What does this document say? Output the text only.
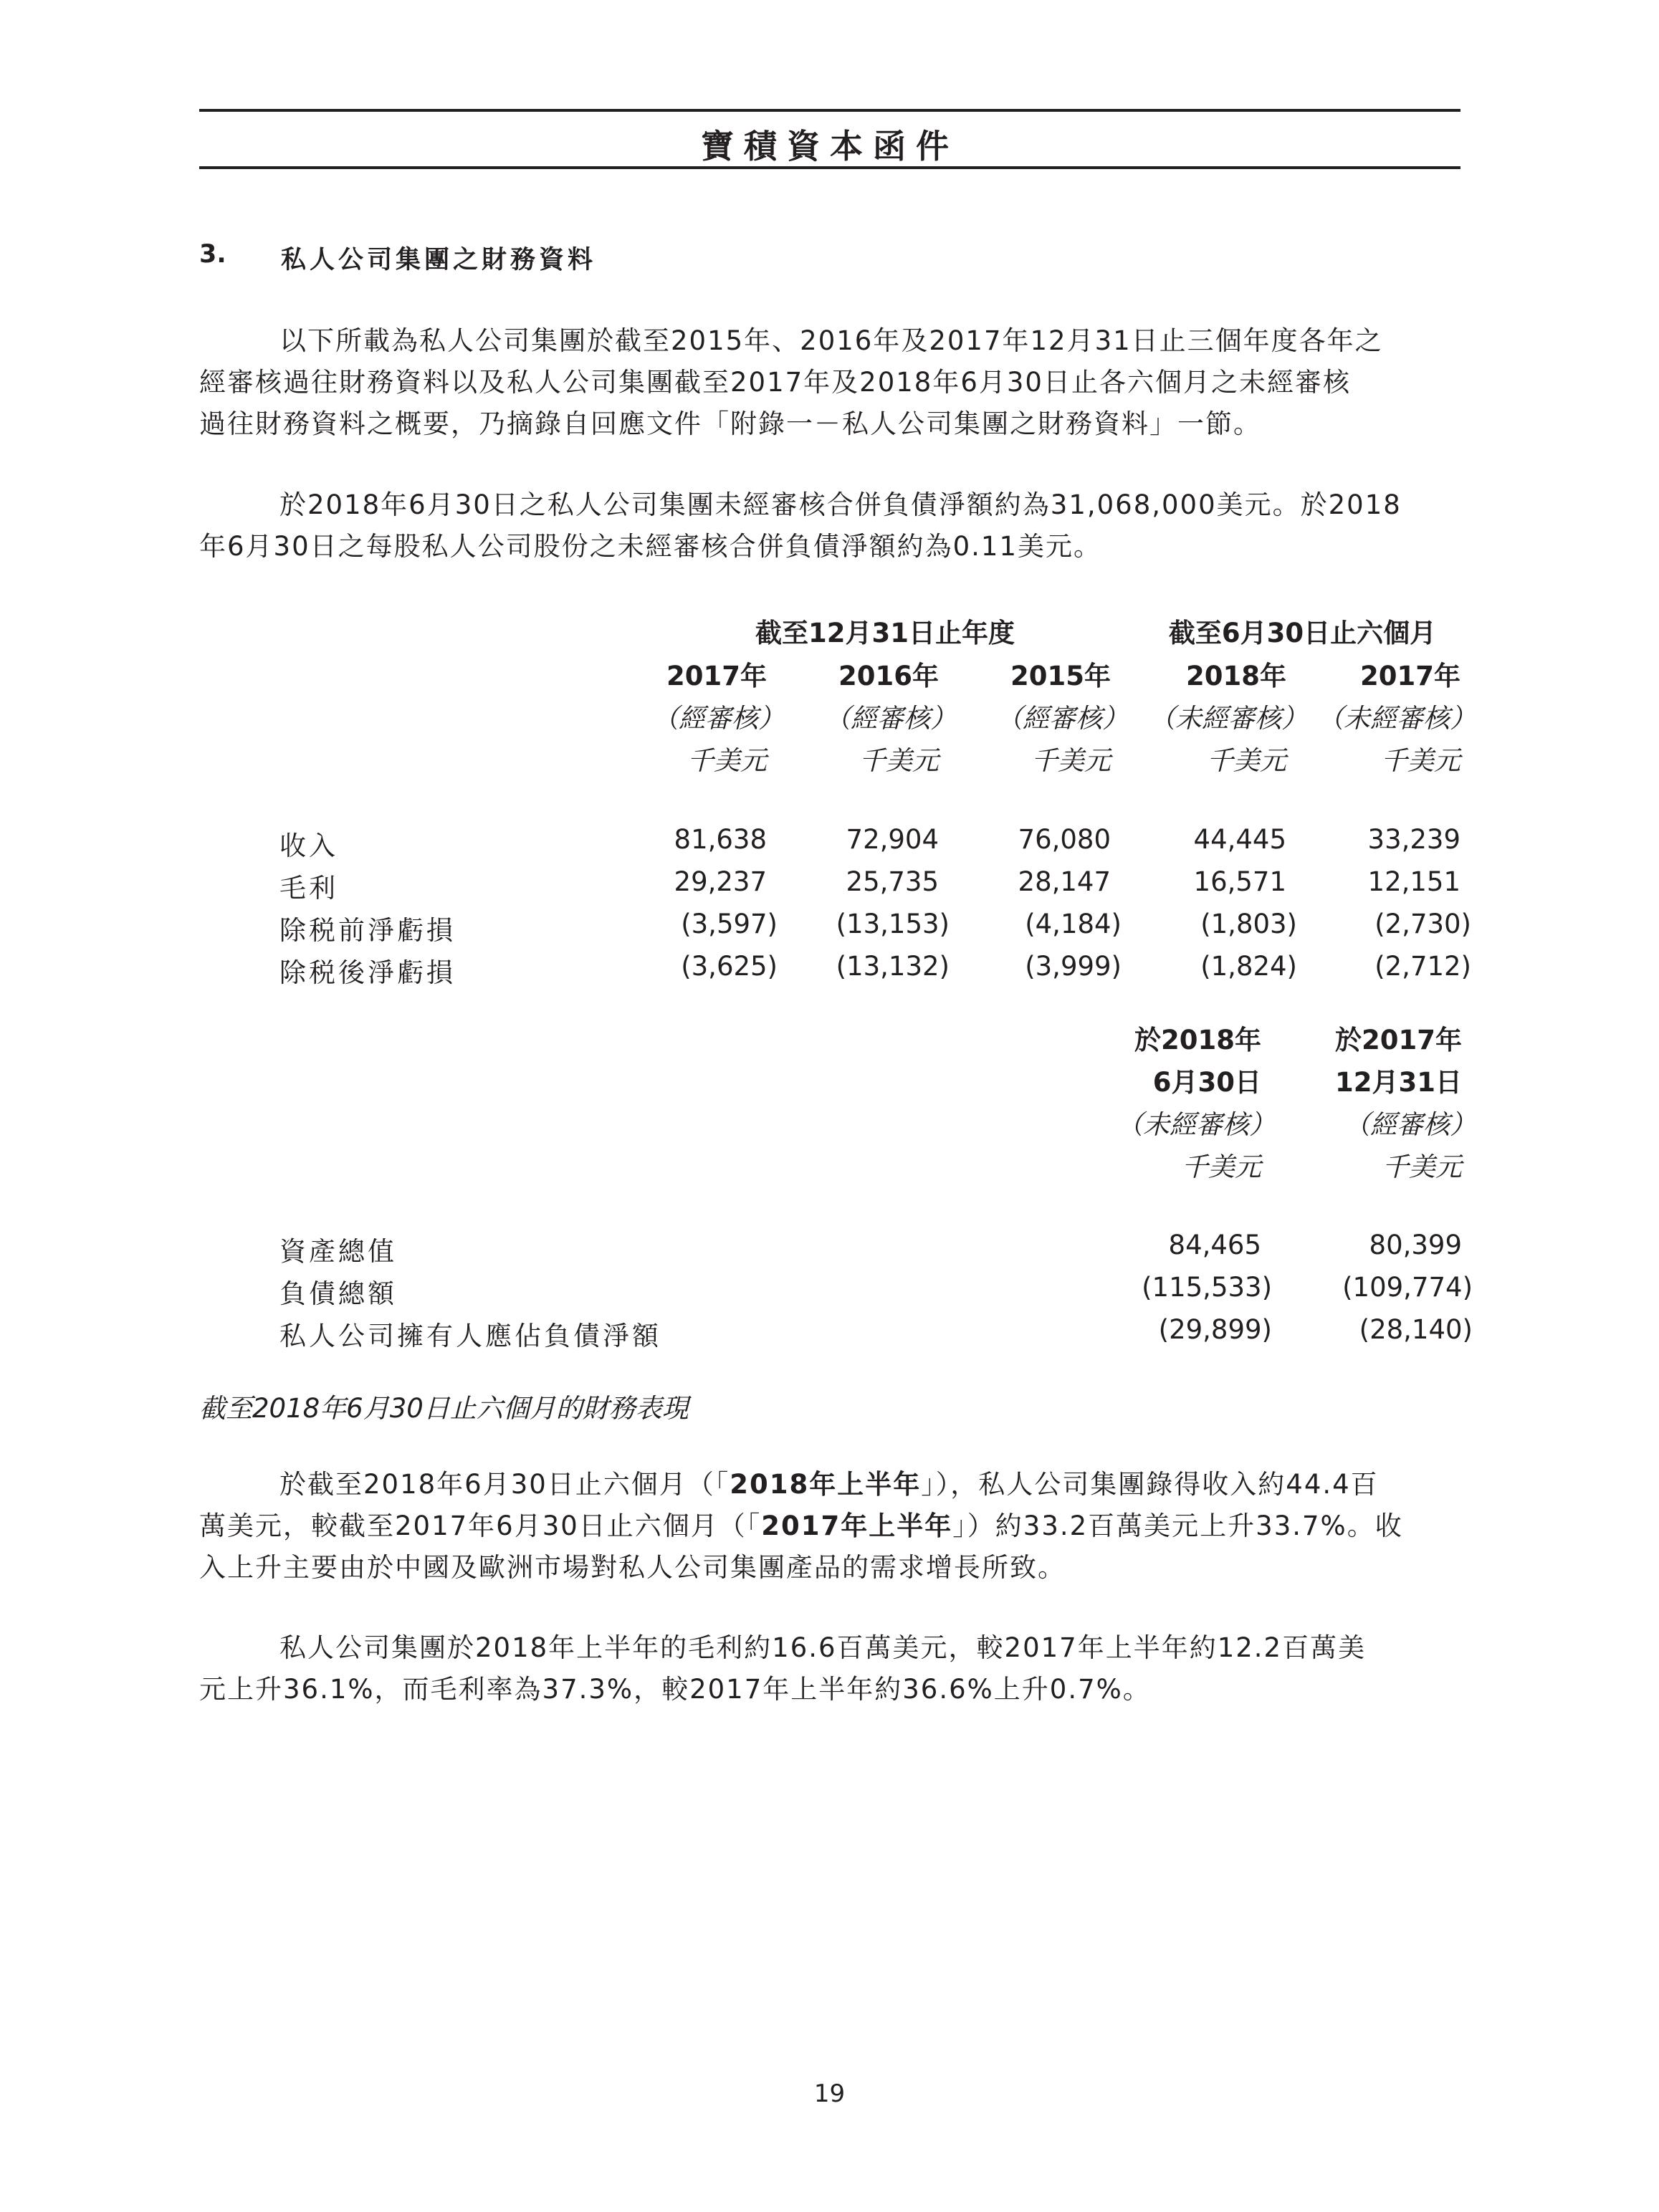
寶積資本函件
3. 私人公司集團之財務資料
以下所載為私人公司集團於截至2015年、2016年及2017年12月31日止三個年度各年之
經審核過往財務資料以及私人公司集團截至2017年及2018年6月30日止各六個月之未經審核
過往財務資料之概要，乃摘錄自回應文件「附錄一－私人公司集團之財務資料」一節。
於2018年6月30日之私人公司集團未經審核合併負債淨額約為31,068,000美元。於2018
年6月30日之每股私人公司股份之未經審核合併負債淨額約為0.11美元。
截至12月31日止年度	截至6月30日止六個月
2017年	2016年	2015年	2018年	2017年
（經審核）	（經審核）	（經審核） （未經審核） （未經審核）
千美元	千美元	千美元	千美元	千美元
收入	81,638	72,904	76,080	44,445	33,239
毛利	29,237	25,735	28,147	16,571	12,151
除税前淨虧損	(3,597)	(13,153)	(4,184)	(1,803)	(2,730)
除税後淨虧損	(3,625)	(13,132)	(3,999)	(1,824)	(2,712)
於2018年	於2017年
6月30日	12月31日
（未經審核）	（經審核）
千美元	千美元
資產總值	84,465	80,399
負債總額	(115,533)	(109,774)
私人公司擁有人應佔負債淨額	(29,899)	(28,140)
截至2018年6月30日止六個月的財務表現
於截至2018年6月30日止六個月（「2018年上半年」），私人公司集團錄得收入約44.4百
萬美元，較截至2017年6月30日止六個月（「2017年上半年」）約33.2百萬美元上升33.7%。收
入上升主要由於中國及歐洲市場對私人公司集團產品的需求增長所致。
私人公司集團於2018年上半年的毛利約16.6百萬美元，較2017年上半年約12.2百萬美
元上升36.1%，而毛利率為37.3%，較2017年上半年約36.6%上升0.7%。
19
